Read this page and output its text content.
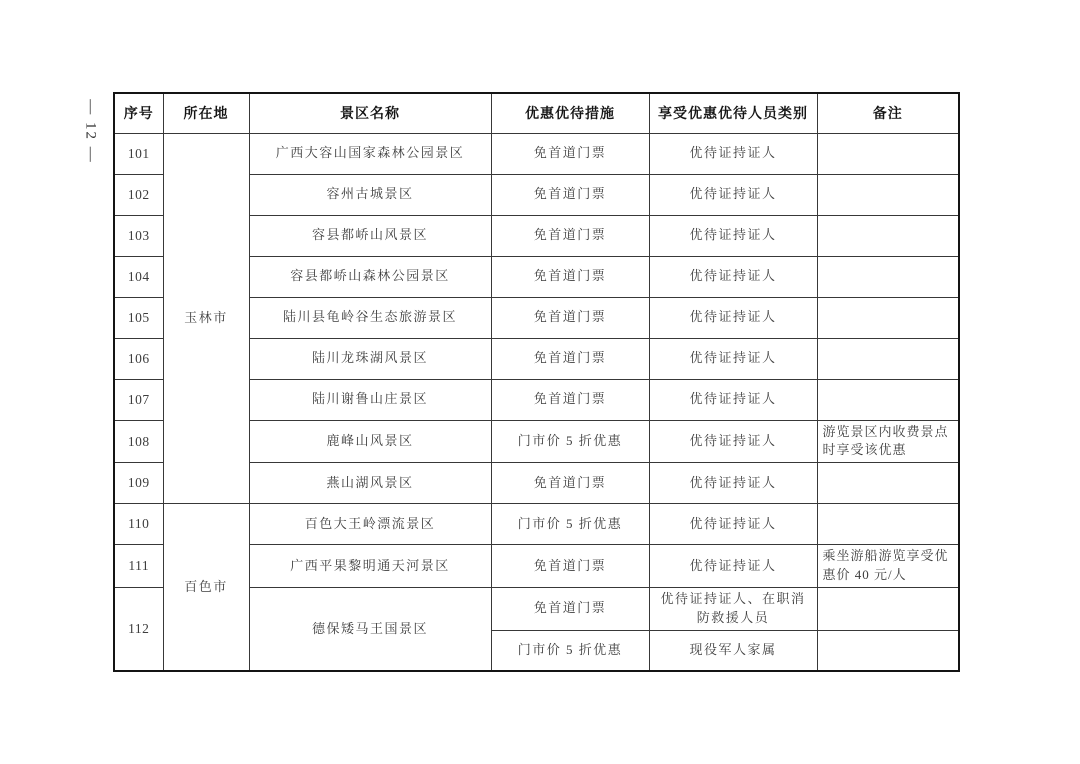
— 12 — 序号	所在地	景区名称	优惠优待措施	享受优惠优待人员类别	备注
101	玉林市	广西大容山国家森林公园景区	免首道门票	优待证持证人	
102		容州古城景区	免首道门票	优待证持证人	
103		容县都峤山风景区	免首道门票	优待证持证人	
104		容县都峤山森林公园景区	免首道门票	优待证持证人	
105		陆川县龟岭谷生态旅游景区	免首道门票	优待证持证人	
106		陆川龙珠湖风景区	免首道门票	优待证持证人	
107		陆川谢鲁山庄景区	免首道门票	优待证持证人	
108		鹿峰山风景区	门市价 5 折优惠	优待证持证人	游览景区内收费景点时享受该优惠
109		燕山湖风景区	免首道门票	优待证持证人	
110	百色市	百色大王岭漂流景区	门市价 5 折优惠	优待证持证人	
111		广西平果黎明通天河景区	免首道门票	优待证持证人	乘坐游船游览享受优惠价 40 元/人
112		德保矮马王国景区	免首道门票	优待证持证人、在职消防救援人员	
			门市价 5 折优惠	现役军人家属	
